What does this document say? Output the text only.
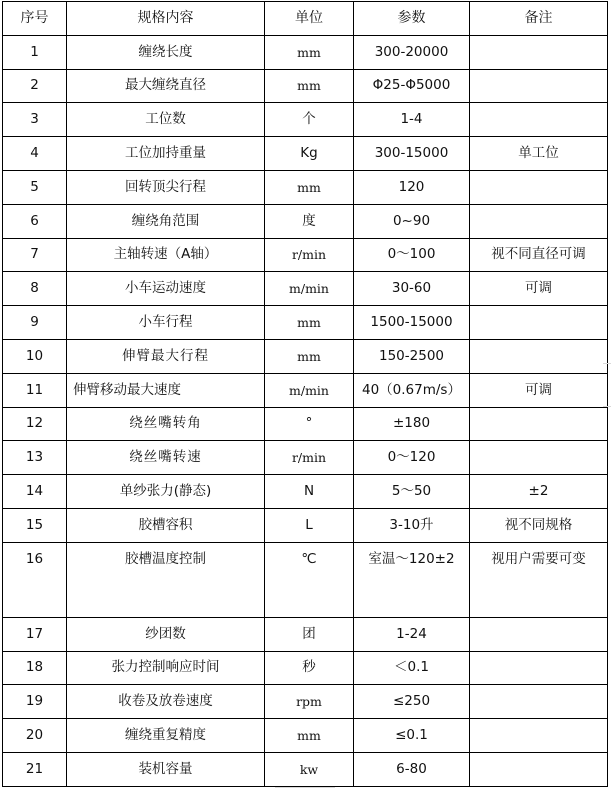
序号	规格内容	单位	参数	备注
1	缠绕长度	mm	300-20000	
2	最大缠绕直径	mm	Φ25-Φ5000	
3	工位数	个	1-4	
4	工位加持重量	Kg	300-15000	单工位
5	回转顶尖行程	mm	120	
6	缠绕角范围	度	0~90	
7	主轴转速（A轴）	r/min	0～100	视不同直径可调
8	小车运动速度	m/min	30-60	可调
9	小车行程	mm	1500-15000	
10	伸臂最大行程	mm	150-2500	
11	伸臂移动最大速度	m/min	40（0.67m/s）	可调
12	绕丝嘴转角	°	±180	
13	绕丝嘴转速	r/min	0～120	
14	单纱张力(静态)	N	5～50	±2
15	胶槽容积	L	3-10升	视不同规格
16	胶槽温度控制	℃	室温～120±2	视用户需要可变
17	纱团数	团	1-24	
18	张力控制响应时间	秒	＜0.1	
19	收卷及放卷速度	rpm	≤250	
20	缠绕重复精度	mm	≤0.1	
21	装机容量	kw	6-80	
